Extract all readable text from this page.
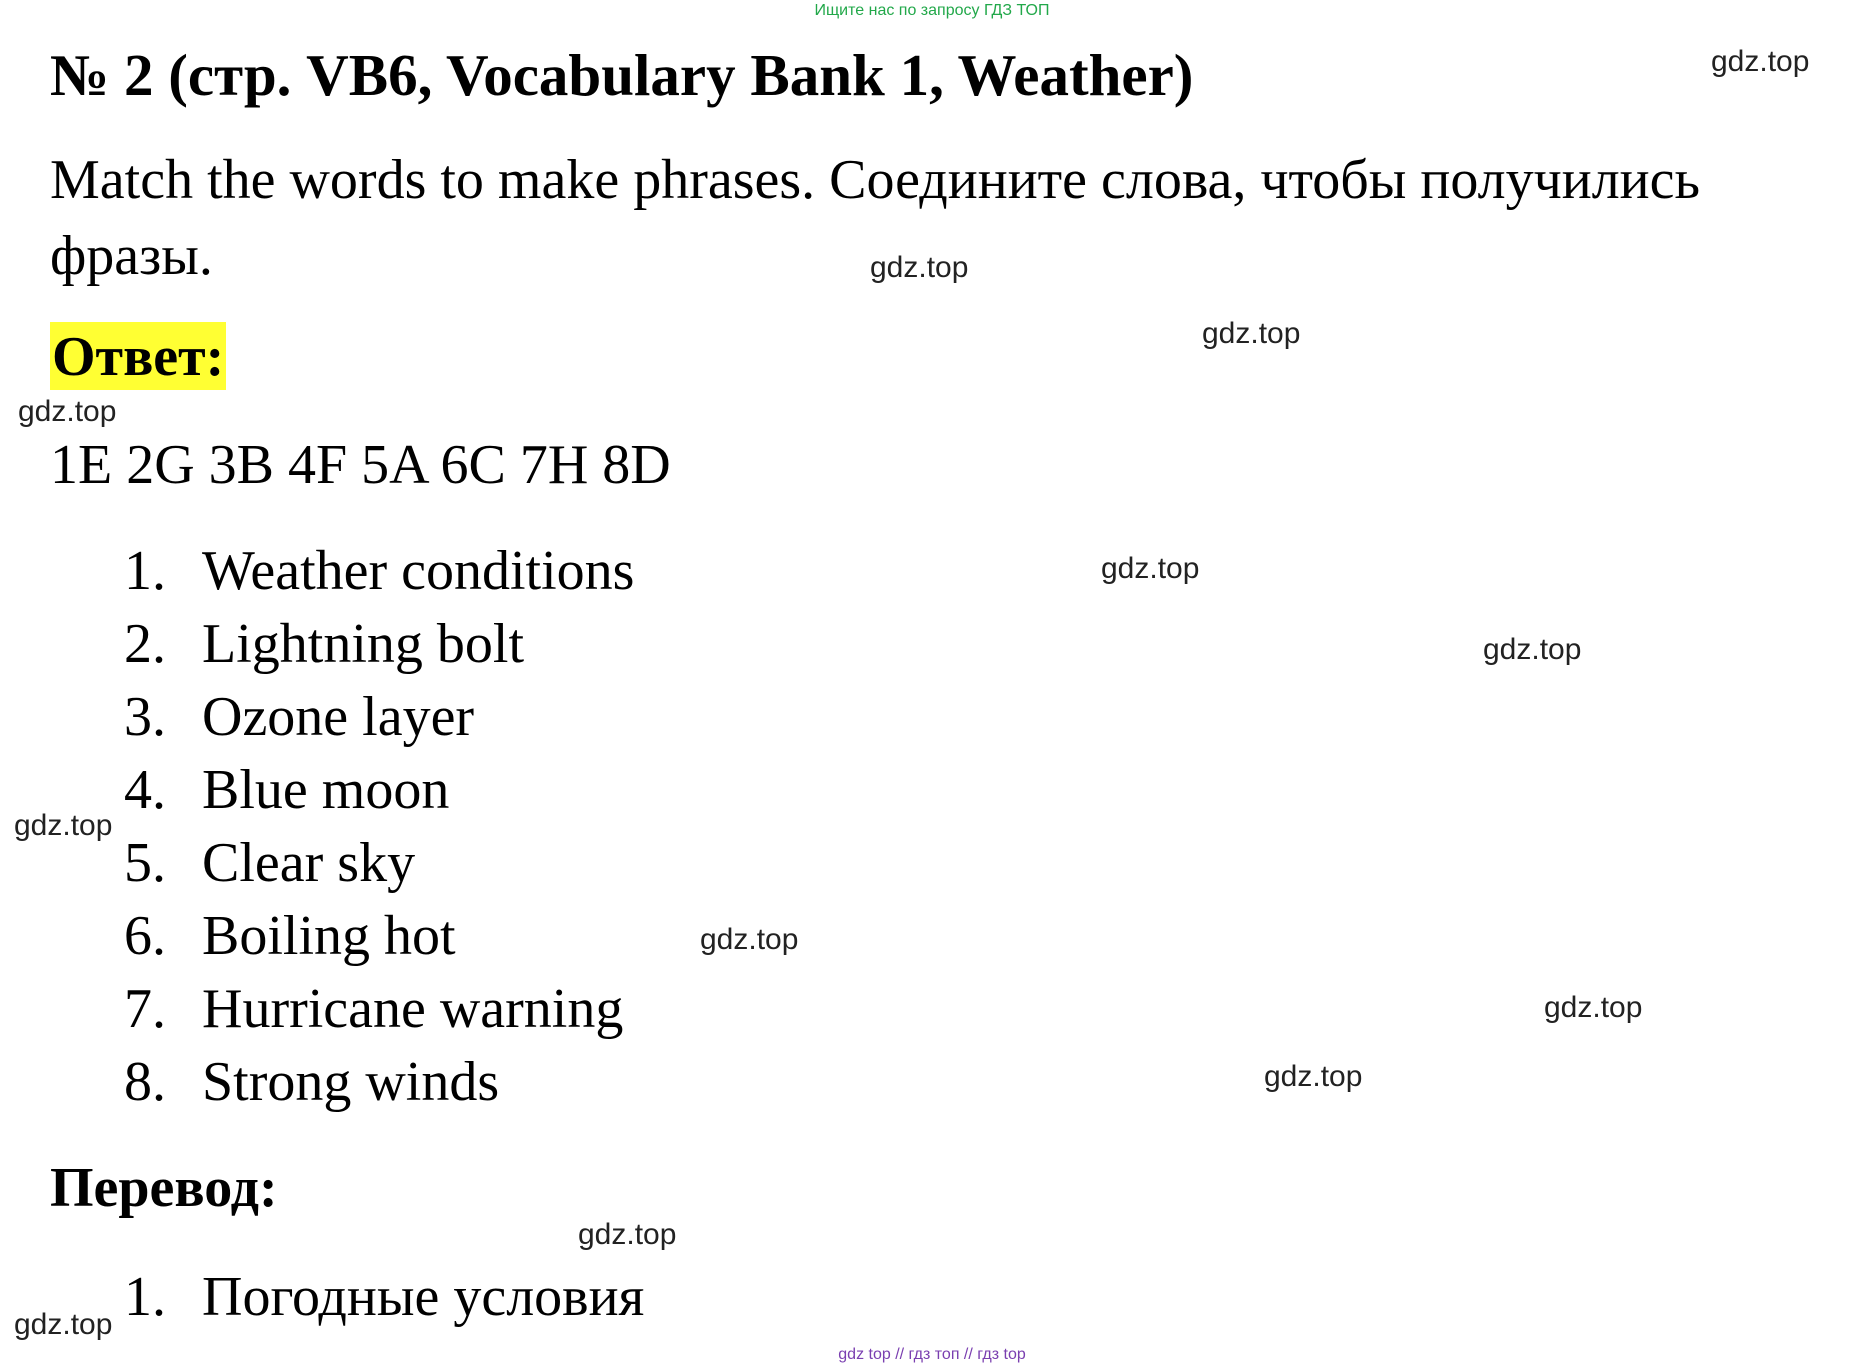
Ищите нас по запросу ГДЗ ТОП
№ 2 (стр. VB6, Vocabulary Bank 1, Weather)
Match the words to make phrases. Соедините слова, чтобы получились фразы.
Ответ:
1E 2G 3B 4F 5A 6C 7H 8D
1. Weather conditions
2. Lightning bolt
3. Ozone layer
4. Blue moon
5. Clear sky
6. Boiling hot
7. Hurricane warning
8. Strong winds
Перевод:
1. Погодные условия
gdz.top
gdz.top
gdz.top
gdz.top
gdz.top
gdz.top
gdz.top
gdz.top
gdz.top
gdz.top
gdz.top
gdz.top
gdz top // гдз топ // гдз top
